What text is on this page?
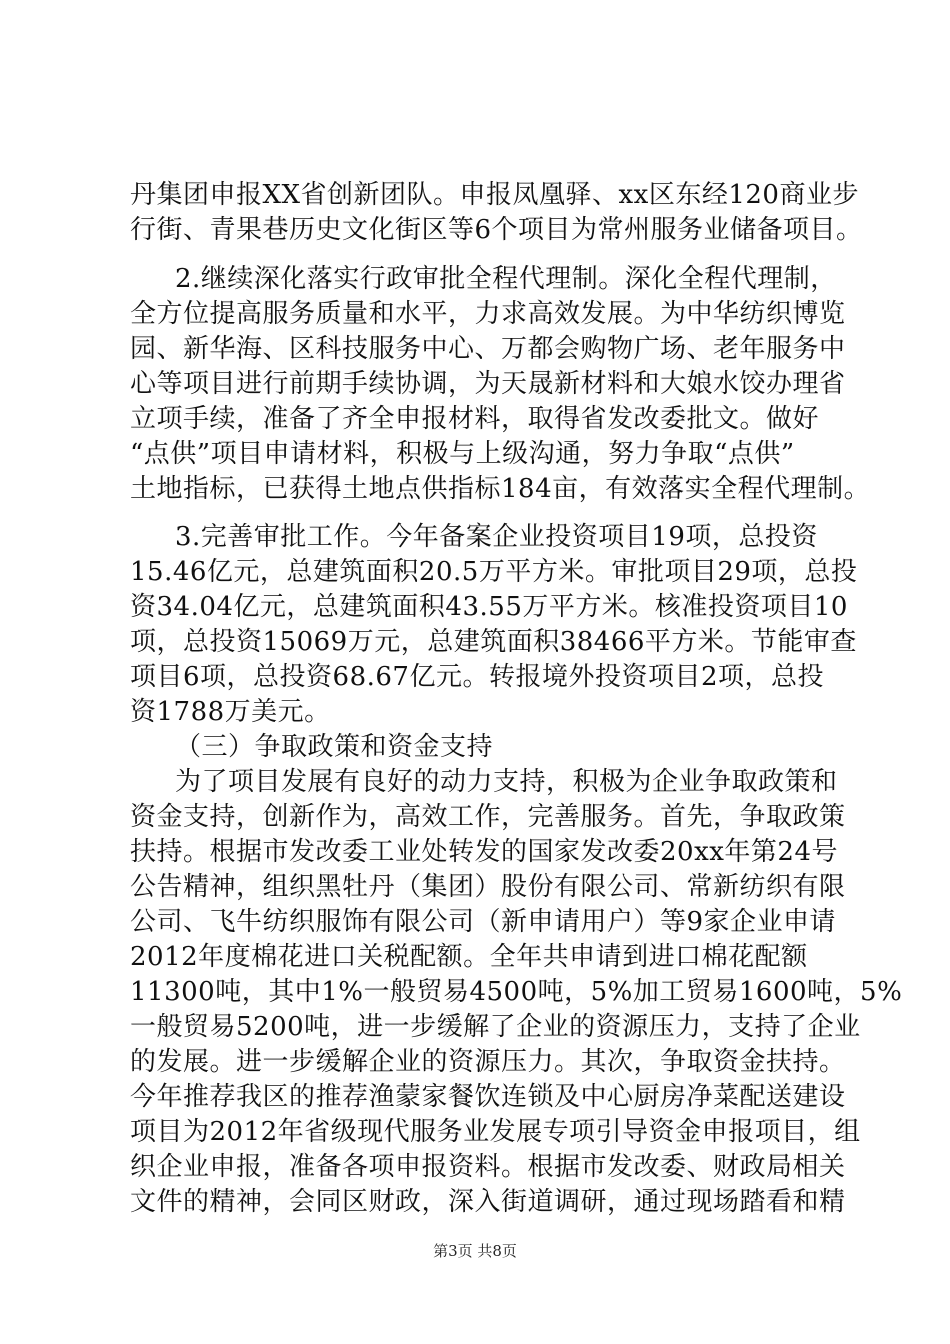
丹集团申报XX省创新团队。申报凤凰驿、xx区东经120商业步
行街、青果巷历史文化街区等6个项目为常州服务业储备项目。
2.继续深化落实行政审批全程代理制。深化全程代理制，
全方位提高服务质量和水平，力求高效发展。为中华纺织博览
园、新华海、区科技服务中心、万都会购物广场、老年服务中
心等项目进行前期手续协调，为天晟新材料和大娘水饺办理省
立项手续，准备了齐全申报材料，取得省发改委批文。做好
“点供”项目申请材料，积极与上级沟通，努力争取“点供”
土地指标，已获得土地点供指标184亩，有效落实全程代理制。
3.完善审批工作。今年备案企业投资项目19项，总投资
15.46亿元，总建筑面积20.5万平方米。审批项目29项，总投
资34.04亿元，总建筑面积43.55万平方米。核准投资项目10
项，总投资15069万元，总建筑面积38466平方米。节能审查
项目6项，总投资68.67亿元。转报境外投资项目2项，总投
资1788万美元。
（三）争取政策和资金支持
为了项目发展有良好的动力支持，积极为企业争取政策和
资金支持，创新作为，高效工作，完善服务。首先，争取政策
扶持。根据市发改委工业处转发的国家发改委20xx年第24号
公告精神，组织黑牡丹（集团）股份有限公司、常新纺织有限
公司、飞牛纺织服饰有限公司（新申请用户）等9家企业申请
2012年度棉花进口关税配额。全年共申请到进口棉花配额
11300吨，其中1%一般贸易4500吨，5%加工贸易1600吨，5%
一般贸易5200吨，进一步缓解了企业的资源压力，支持了企业
的发展。进一步缓解企业的资源压力。其次，争取资金扶持。
今年推荐我区的推荐渔蒙家餐饮连锁及中心厨房净菜配送建设
项目为2012年省级现代服务业发展专项引导资金申报项目，组
织企业申报，准备各项申报资料。根据市发改委、财政局相关
文件的精神，会同区财政，深入街道调研，通过现场踏看和精
第3页 共8页
